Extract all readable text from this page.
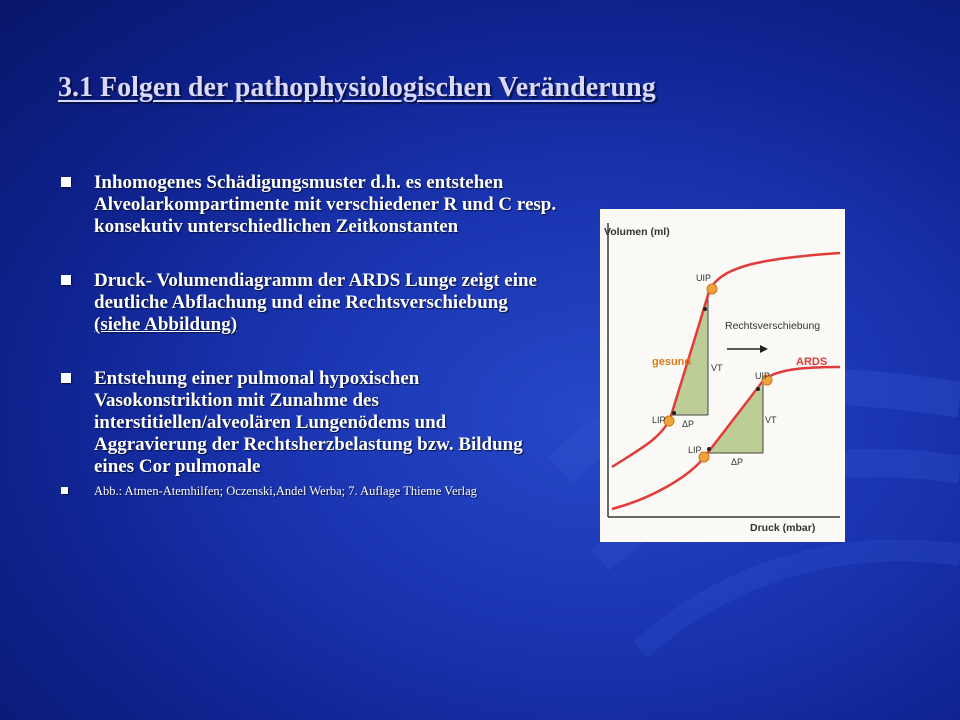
3.1 Folgen der pathophysiologischen Veränderung
Inhomogenes Schädigungsmuster d.h. es entstehen Alveolarkompartimente mit verschiedener R und C resp. konsekutiv unterschiedlichen Zeitkonstanten
Druck- Volumendiagramm der ARDS Lunge zeigt eine deutliche Abflachung und eine Rechtsverschiebung (siehe Abbildung)
Entstehung einer pulmonal hypoxischen Vasokonstriktion mit Zunahme des interstitiellen/alveolären Lungenödems und Aggravierung der Rechtsherzbelastung bzw. Bildung eines Cor pulmonale
Abb.: Atmen-Atemhilfen; Oczenski,Andel Werba; 7. Auflage Thieme Verlag
Volumen (ml)
Druck (mbar)
UIP
LIP
gesund VT
ΔP
Rechtsverschiebung
ARDS
UIP
LIP
VT
ΔP
